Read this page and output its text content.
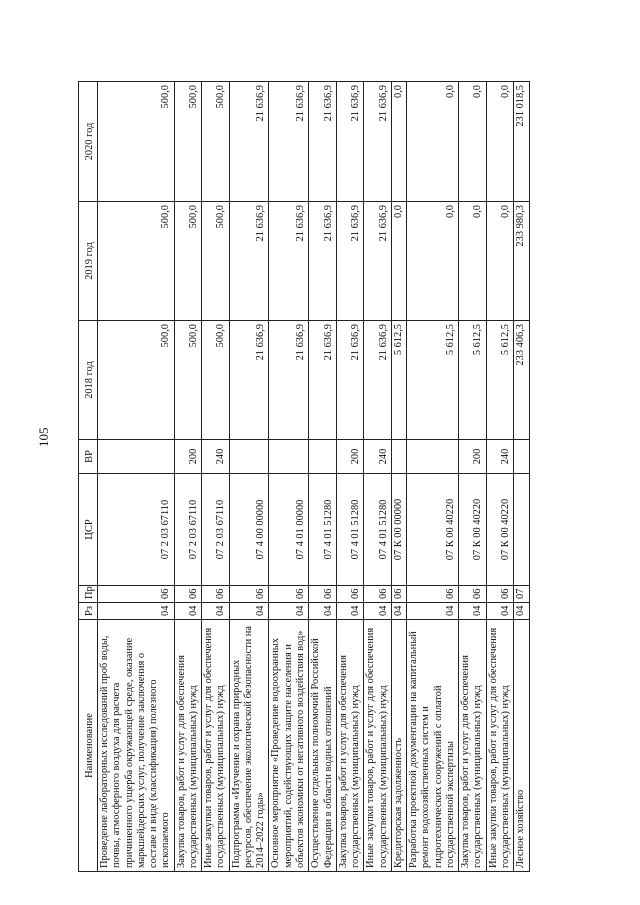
105
Наименование	Рз	Пр	ЦСР	ВР	2018 год	2019 год	2020 год
Проведение лабораторных исследований проб воды, почвы, атмосферного воздуха для расчета причиненного ущерба окружающей среде, оказание маркшейдерских услуг, получение заключения о составе и виде (классификация) полезного ископаемого	04	06	07 2 03 67110		500,0	500,0	500,0
Закупка товаров, работ и услуг для обеспечения государственных (муниципальных) нужд	04	06	07 2 03 67110	200	500,0	500,0	500,0
Иные закупки товаров, работ и услуг для обеспечения государственных (муниципальных) нужд	04	06	07 2 03 67110	240	500,0	500,0	500,0
Подпрограмма «Изучение и охрана природных ресурсов, обеспечение экологической безопасности на 2014–2022 годы»	04	06	07 4 00 00000		21 636,9	21 636,9	21 636,9
Основное мероприятие «Проведение водоохранных мероприятий, содействующих защите населения и объектов экономики от негативного воздействия вод»	04	06	07 4 01 00000		21 636,9	21 636,9	21 636,9
Осуществление отдельных полномочий Российской Федерации в области водных отношений	04	06	07 4 01 51280		21 636,9	21 636,9	21 636,9
Закупка товаров, работ и услуг для обеспечения государственных (муниципальных) нужд	04	06	07 4 01 51280	200	21 636,9	21 636,9	21 636,9
Иные закупки товаров, работ и услуг для обеспечения государственных (муниципальных) нужд	04	06	07 4 01 51280	240	21 636,9	21 636,9	21 636,9
Кредиторская задолженность	04	06	07 К 00 00000		5 612,5	0,0	0,0
Разработка проектной документации на капитальный ремонт водохозяйственных систем и гидротехнических сооружений с оплатой государственной экспертизы	04	06	07 К 00 40220		5 612,5	0,0	0,0
Закупка товаров, работ и услуг для обеспечения государственных (муниципальных) нужд	04	06	07 К 00 40220	200	5 612,5	0,0	0,0
Иные закупки товаров, работ и услуг для обеспечения государственных (муниципальных) нужд	04	06	07 К 00 40220	240	5 612,5	0,0	0,0
Лесное хозяйство	04	07			233 406,3	233 980,3	231 018,5
